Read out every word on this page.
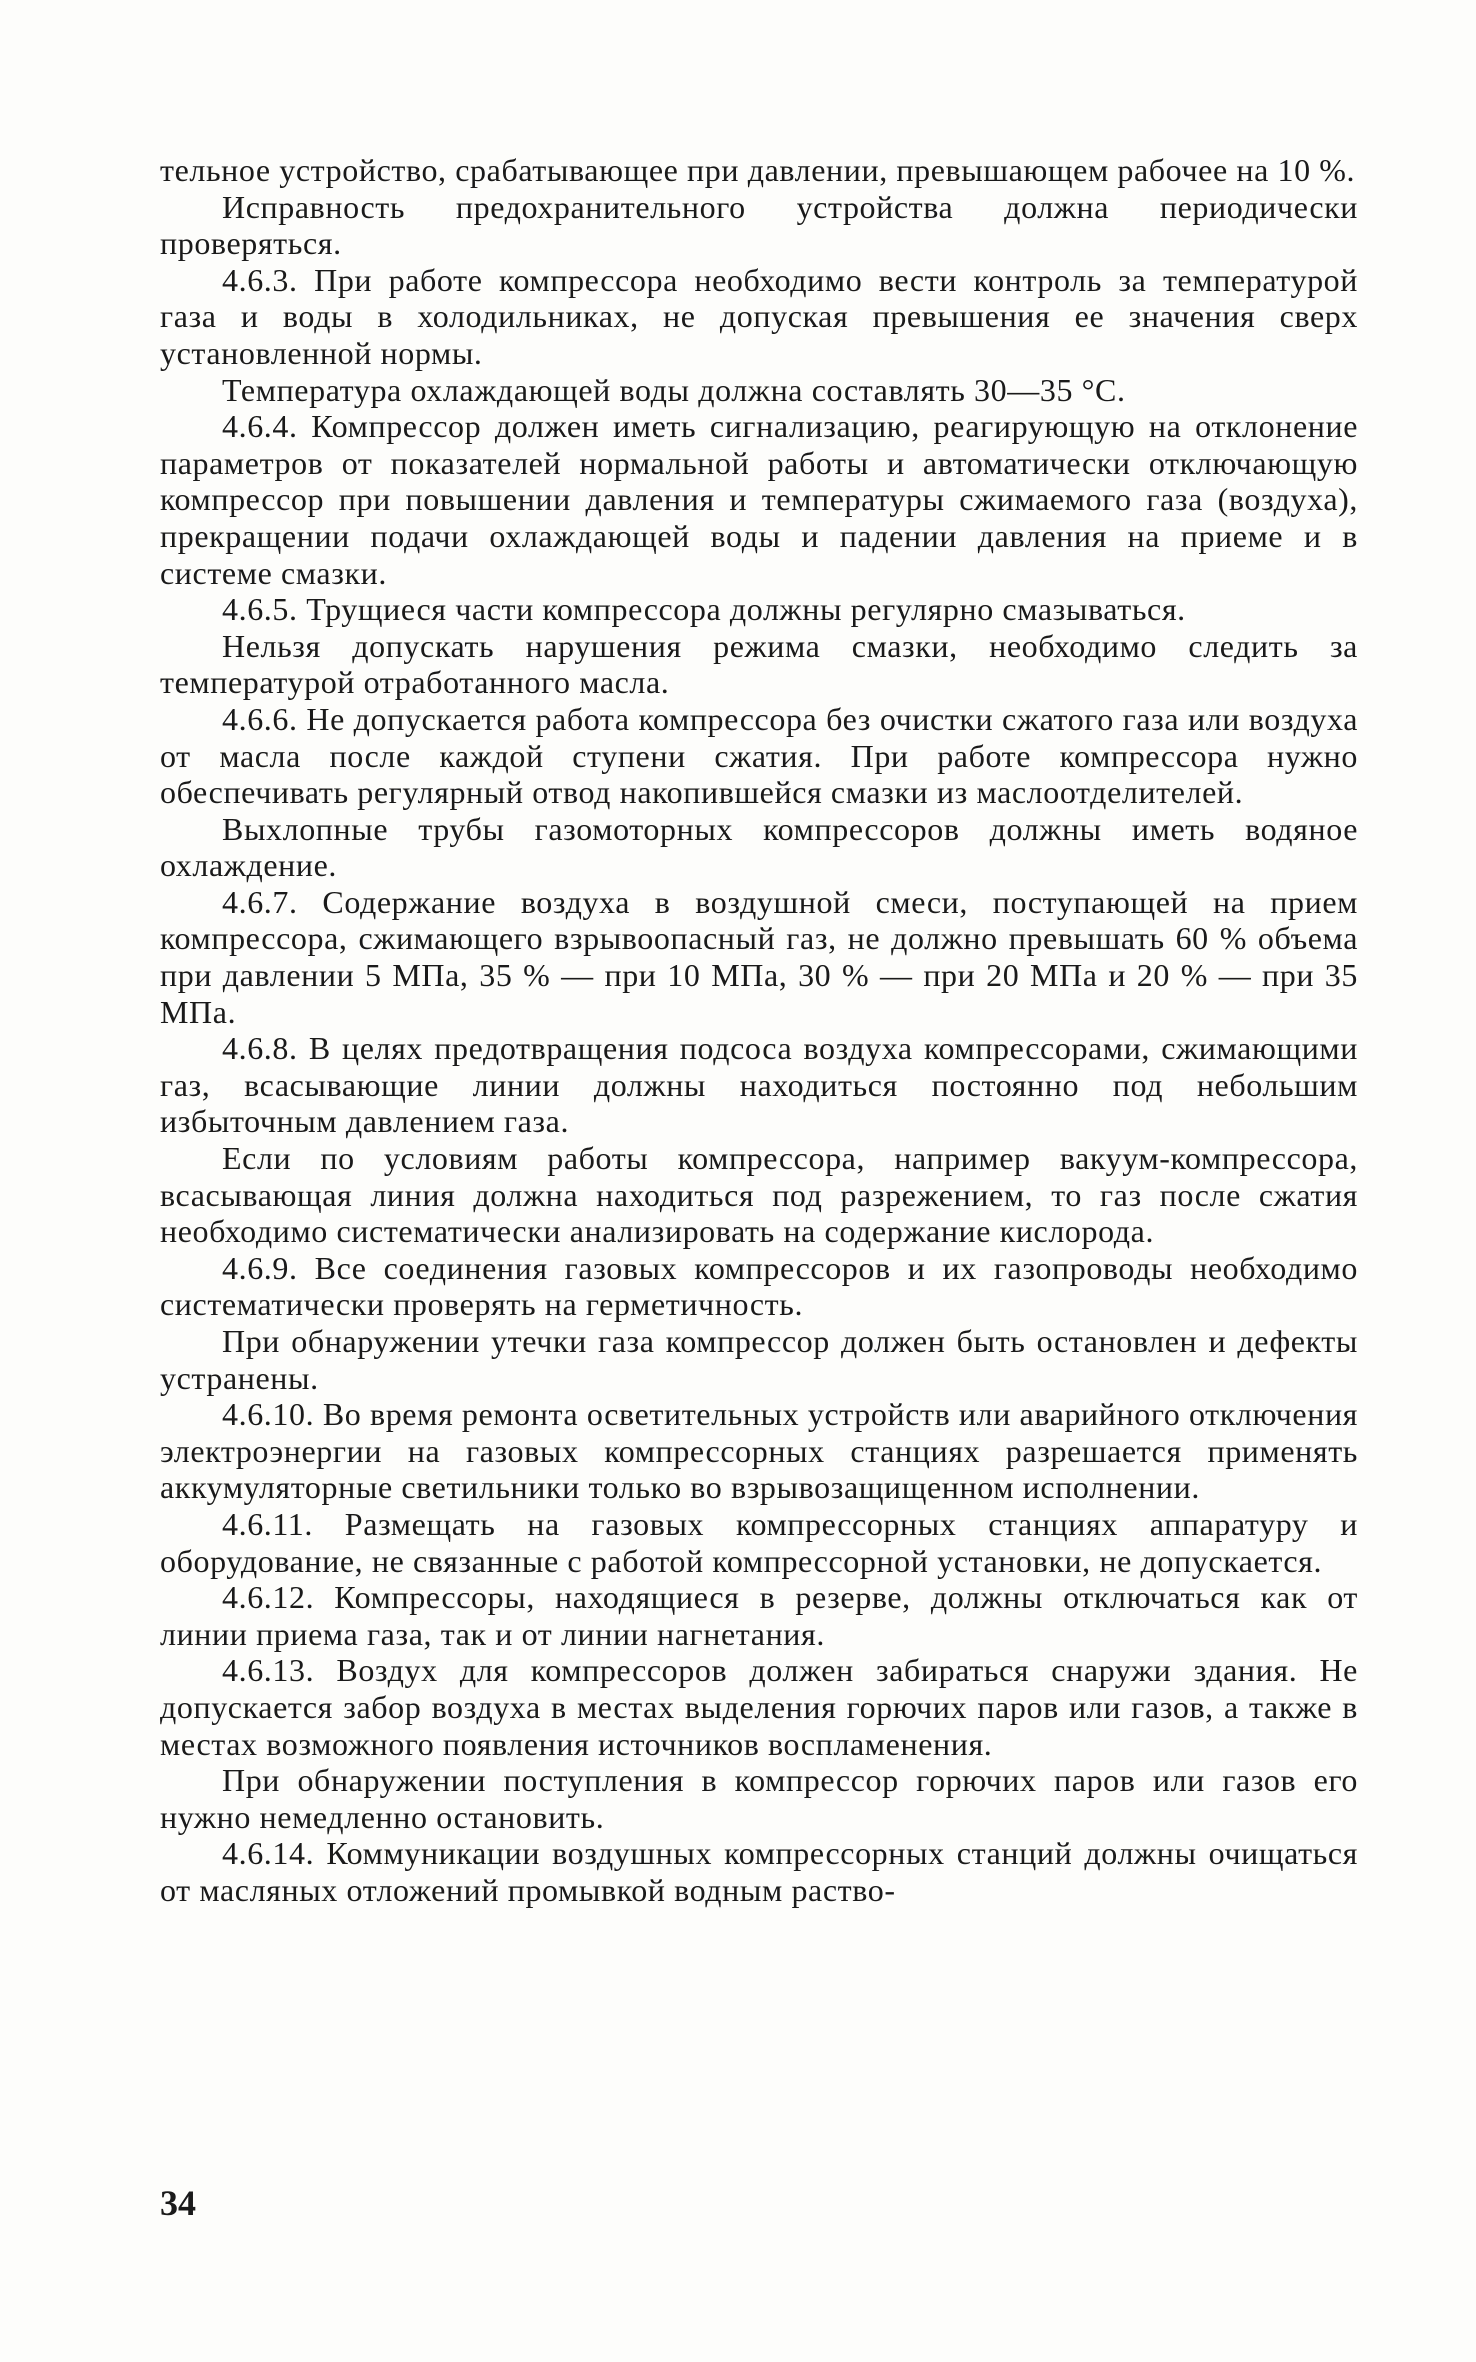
тельное устройство, срабатывающее при давлении, превышающем рабочее на 10 %.

Исправность предохранительного устройства должна периодически проверяться.

4.6.3. При работе компрессора необходимо вести контроль за температурой газа и воды в холодильниках, не допуская превышения ее значения сверх установленной нормы.

Температура охлаждающей воды должна составлять 30—35 °С.

4.6.4. Компрессор должен иметь сигнализацию, реагирующую на отклонение параметров от показателей нормальной работы и автоматически отключающую компрессор при повышении давления и температуры сжимаемого газа (воздуха), прекращении подачи охлаждающей воды и падении давления на приеме и в системе смазки.

4.6.5. Трущиеся части компрессора должны регулярно смазываться.

Нельзя допускать нарушения режима смазки, необходимо следить за температурой отработанного масла.

4.6.6. Не допускается работа компрессора без очистки сжатого газа или воздуха от масла после каждой ступени сжатия. При работе компрессора нужно обеспечивать регулярный отвод накопившейся смазки из маслоотделителей.

Выхлопные трубы газомоторных компрессоров должны иметь водяное охлаждение.

4.6.7. Содержание воздуха в воздушной смеси, поступающей на прием компрессора, сжимающего взрывоопасный газ, не должно превышать 60 % объема при давлении 5 МПа, 35 % — при 10 МПа, 30 % — при 20 МПа и 20 % — при 35 МПа.

4.6.8. В целях предотвращения подсоса воздуха компрессорами, сжимающими газ, всасывающие линии должны находиться постоянно под небольшим избыточным давлением газа.

Если по условиям работы компрессора, например вакуум-компрессора, всасывающая линия должна находиться под разрежением, то газ после сжатия необходимо систематически анализировать на содержание кислорода.

4.6.9. Все соединения газовых компрессоров и их газопроводы необходимо систематически проверять на герметичность.

При обнаружении утечки газа компрессор должен быть остановлен и дефекты устранены.

4.6.10. Во время ремонта осветительных устройств или аварийного отключения электроэнергии на газовых компрессорных станциях разрешается применять аккумуляторные светильники только во взрывозащищенном исполнении.

4.6.11. Размещать на газовых компрессорных станциях аппаратуру и оборудование, не связанные с работой компрессорной установки, не допускается.

4.6.12. Компрессоры, находящиеся в резерве, должны отключаться как от линии приема газа, так и от линии нагнетания.

4.6.13. Воздух для компрессоров должен забираться снаружи здания. Не допускается забор воздуха в местах выделения горючих паров или газов, а также в местах возможного появления источников воспламенения.

При обнаружении поступления в компрессор горючих паров или газов его нужно немедленно остановить.

4.6.14. Коммуникации воздушных компрессорных станций должны очищаться от масляных отложений промывкой водным раство-

34
